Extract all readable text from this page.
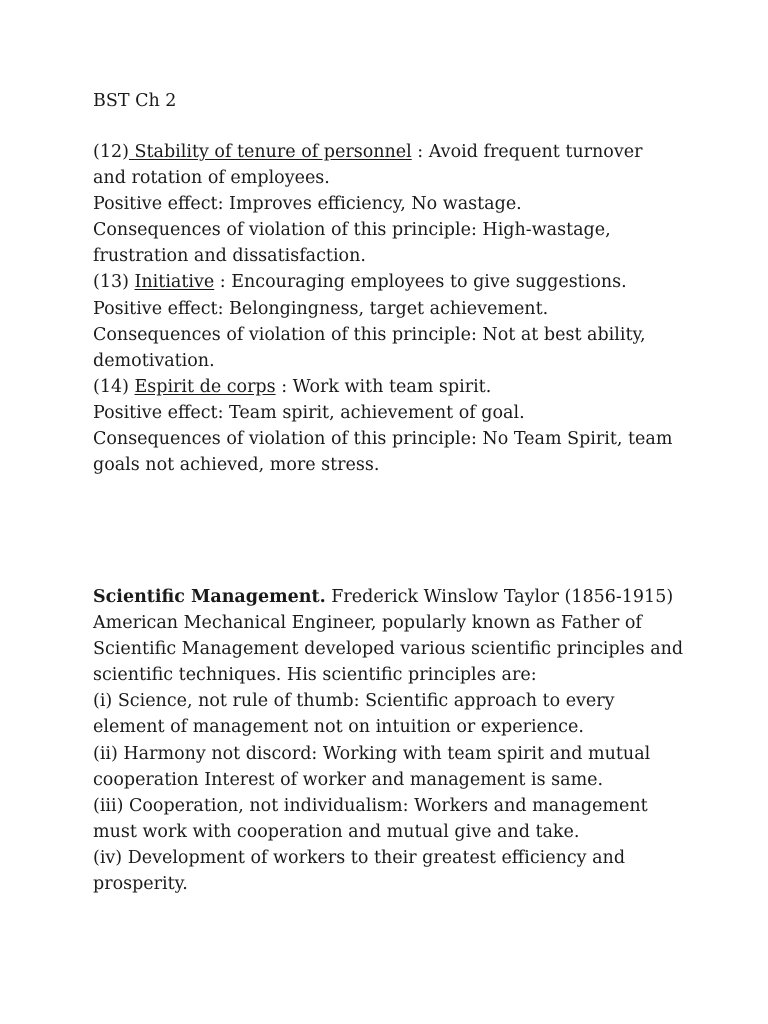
BST Ch 2
(12) Stability of tenure of personnel : Avoid frequent turnover
and rotation of employees.
Positive effect: Improves efficiency, No wastage.
Consequences of violation of this principle: High-wastage,
frustration and dissatisfaction.
(13) Initiative : Encouraging employees to give suggestions.
Positive effect: Belongingness, target achievement.
Consequences of violation of this principle: Not at best ability,
demotivation.
(14) Espirit de corps : Work with team spirit.
Positive effect: Team spirit, achievement of goal.
Consequences of violation of this principle: No Team Spirit, team
goals not achieved, more stress.
Scientific Management. Frederick Winslow Taylor (1856-1915)
American Mechanical Engineer, popularly known as Father of
Scientific Management developed various scientific principles and
scientific techniques. His scientific principles are:
(i) Science, not rule of thumb: Scientific approach to every
element of management not on intuition or experience.
(ii) Harmony not discord: Working with team spirit and mutual
cooperation Interest of worker and management is same.
(iii) Cooperation, not individualism: Workers and management
must work with cooperation and mutual give and take.
(iv) Development of workers to their greatest efficiency and
prosperity.
